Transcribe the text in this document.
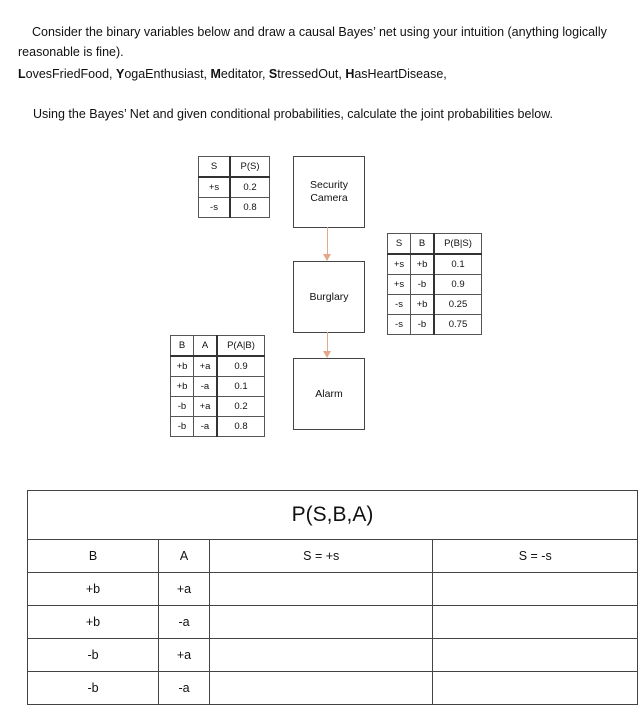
Consider the binary variables below and draw a causal Bayes’ net using your intuition (anything logically reasonable is fine).
LovesFriedFood, YogaEnthusiast, Meditator, StressedOut, HasHeartDisease,
Using the Bayes’ Net and given conditional probabilities, calculate the joint probabilities below.
Security
Camera
Burglary
Alarm
S	P(S)
+s	0.2
-s	0.8
S	B	P(B|S)
+s	+b	0.1
+s	-b	0.9
-s	+b	0.25
-s	-b	0.75
B	A	P(A|B)
+b	+a	0.9
+b	-a	0.1
-b	+a	0.2
-b	-a	0.8
P(S,B,A)			
B	A	S = +s	S = -s
+b	+a		
+b	-a		
-b	+a		
-b	-a		
